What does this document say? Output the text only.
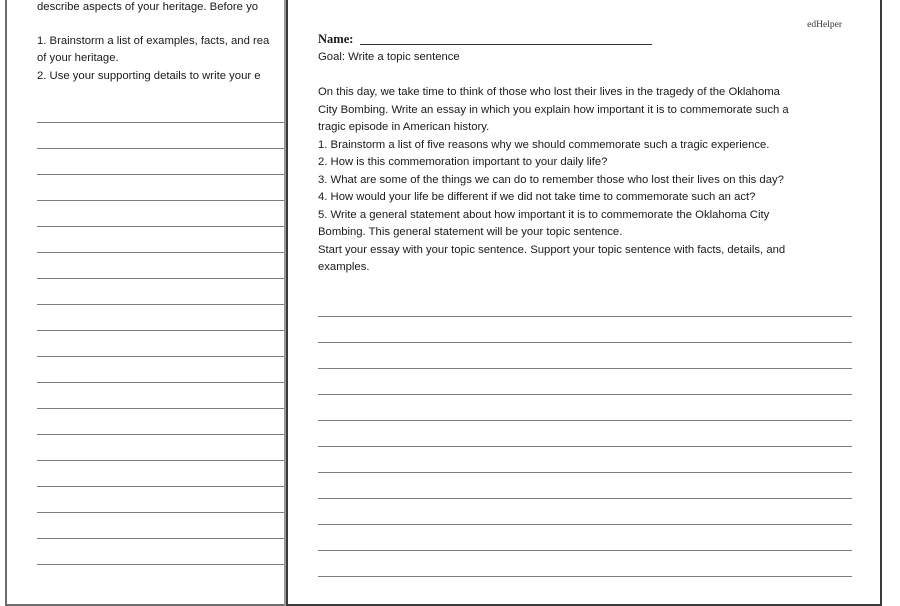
describe aspects of your heritage. Before yo
1. Brainstorm a list of examples, facts, and rea
of your heritage.
2. Use your supporting details to write your e
edHelper
Name:
Goal: Write a topic sentence
On this day, we take time to think of those who lost their lives in the tragedy of the Oklahoma
City Bombing. Write an essay in which you explain how important it is to commemorate such a
tragic episode in American history.
1. Brainstorm a list of five reasons why we should commemorate such a tragic experience.
2. How is this commemoration important to your daily life?
3. What are some of the things we can do to remember those who lost their lives on this day?
4. How would your life be different if we did not take time to commemorate such an act?
5. Write a general statement about how important it is to commemorate the Oklahoma City
Bombing. This general statement will be your topic sentence.
Start your essay with your topic sentence. Support your topic sentence with facts, details, and
examples.
